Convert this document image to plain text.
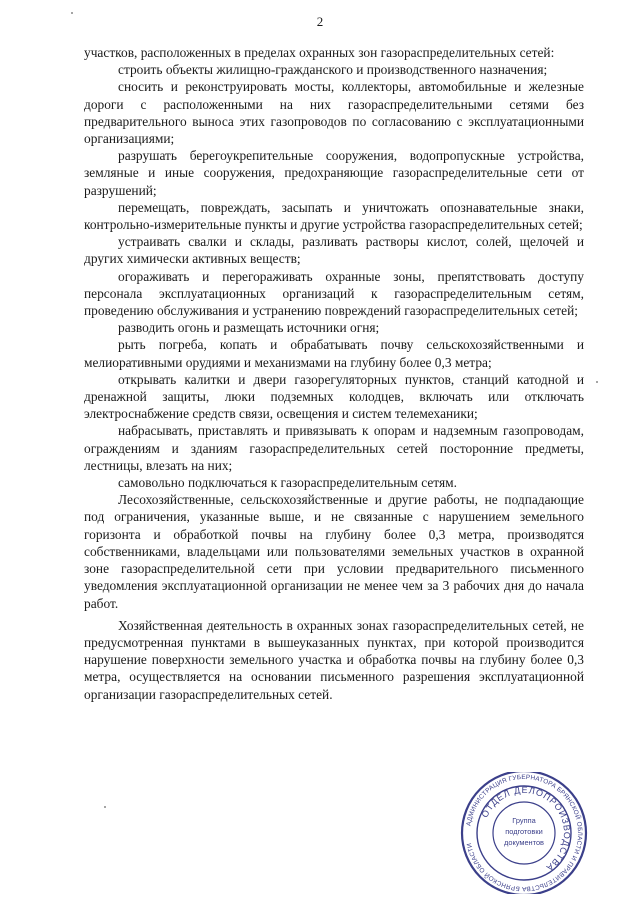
2

участков, расположенных в пределах охранных зон газораспределительных сетей:

строить объекты жилищно-гражданского и производственного назначения;

сносить и реконструировать мосты, коллекторы, автомобильные и железные дороги с расположенными на них газораспределительными сетями без предварительного выноса этих газопроводов по согласованию с эксплуатационными организациями;

разрушать берегоукрепительные сооружения, водопропускные устройства, земляные и иные сооружения, предохраняющие газораспределительные сети от разрушений;

перемещать, повреждать, засыпать и уничтожать опознавательные знаки, контрольно-измерительные пункты и другие устройства газораспределительных сетей;

устраивать свалки и склады, разливать растворы кислот, солей, щелочей и других химически активных веществ;

огораживать и перегораживать охранные зоны, препятствовать доступу персонала эксплуатационных организаций к газораспределительным сетям, проведению обслуживания и устранению повреждений газораспределительных сетей;

разводить огонь и размещать источники огня;

рыть погреба, копать и обрабатывать почву сельскохозяйственными и мелиоративными орудиями и механизмами на глубину более 0,3 метра;

открывать калитки и двери газорегуляторных пунктов, станций катодной и дренажной защиты, люки подземных колодцев, включать или отключать электроснабжение средств связи, освещения и систем телемеханики;

набрасывать, приставлять и привязывать к опорам и надземным газопроводам, ограждениям и зданиям газораспределительных сетей посторонние предметы, лестницы, влезать на них;

самовольно подключаться к газораспределительным сетям.

Лесохозяйственные, сельскохозяйственные и другие работы, не подпадающие под ограничения, указанные выше, и не связанные с нарушением земельного горизонта и обработкой почвы на глубину более 0,3 метра, производятся собственниками, владельцами или пользователями земельных участков в охранной зоне газораспределительной сети при условии предварительного письменного уведомления эксплуатационной организации не менее чем за 3 рабочих дня до начала работ.

Хозяйственная деятельность в охранных зонах газораспределительных сетей, не предусмотренная пунктами в вышеуказанных пунктах, при которой производится нарушение поверхности земельного участка и обработка почвы на глубину более 0,3 метра, осуществляется на основании письменного разрешения эксплуатационной организации газораспределительных сетей.

АДМИНИСТРАЦИЯ ГУБЕРНАТОРА БРЯНСКОЙ ОБЛАСТИ И ПРАВИТЕЛЬСТВА БРЯНСКОЙ ОБЛАСТИ
ОТДЕЛ ДЕЛОПРОИЗВОДСТВА
Группа
подготовки
документов
